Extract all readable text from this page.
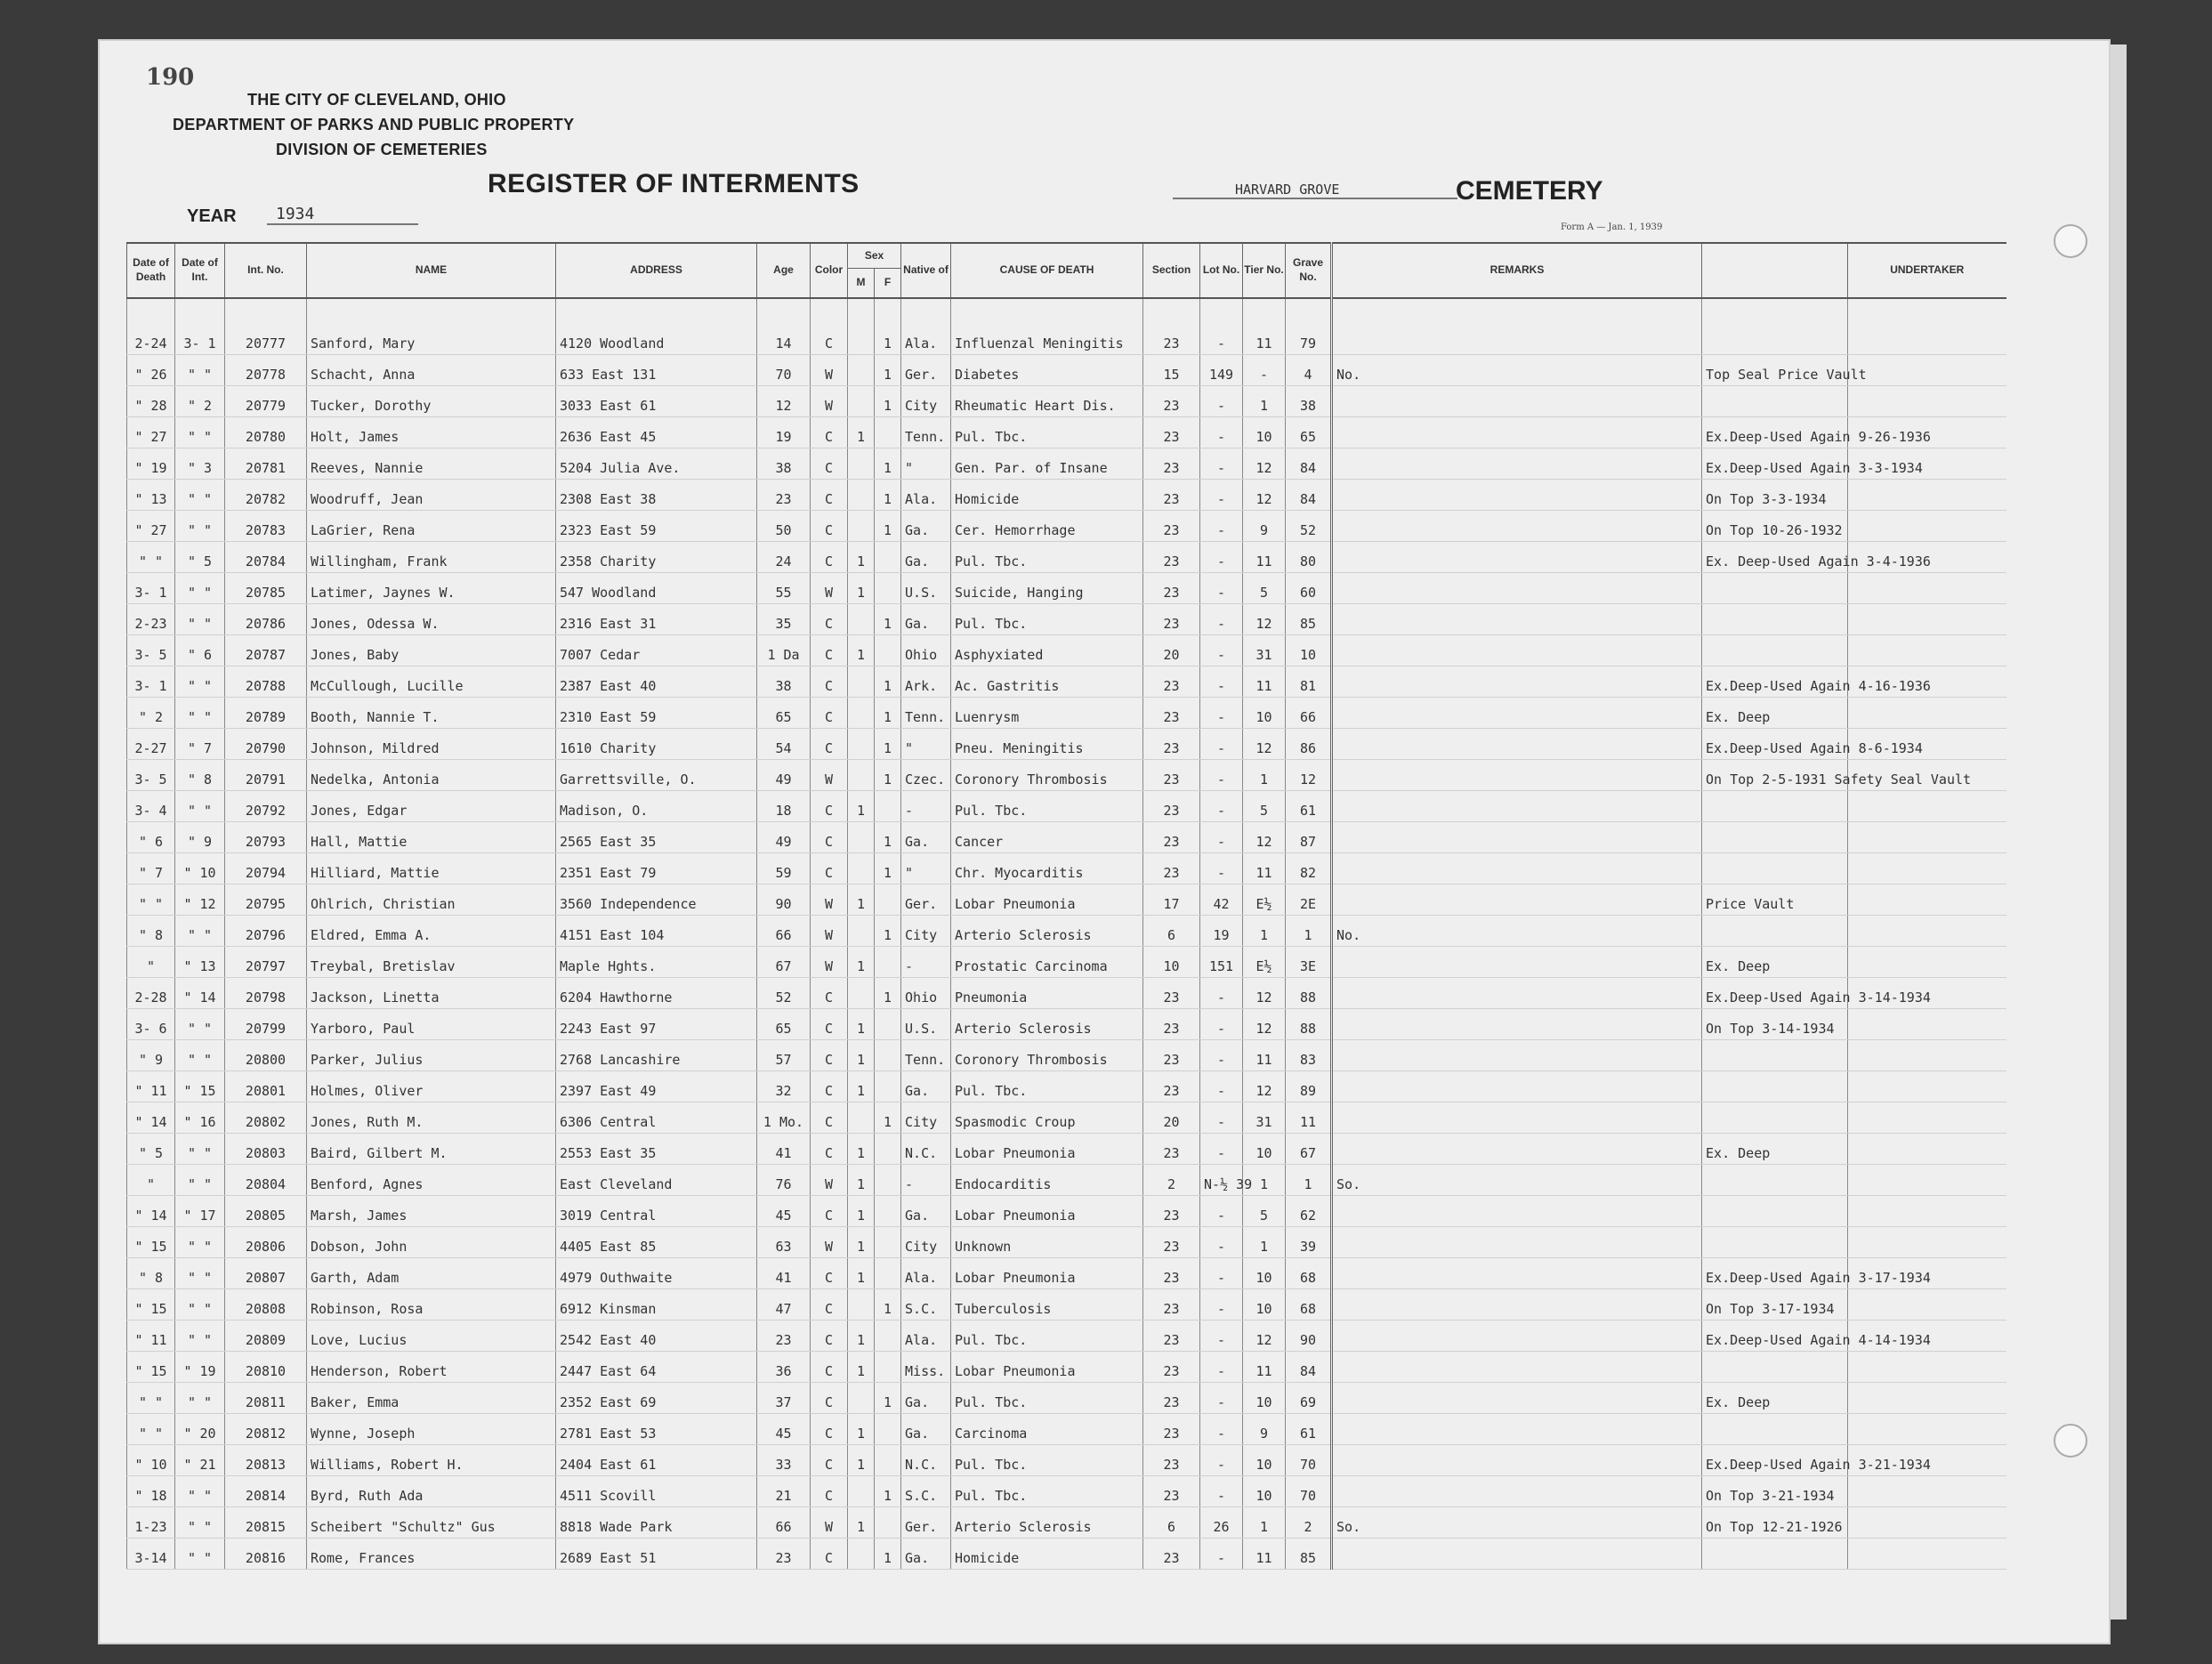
190
THE CITY OF CLEVELAND, OHIO
DEPARTMENT OF PARKS AND PUBLIC PROPERTY
DIVISION OF CEMETERIES
REGISTER OF INTERMENTS
YEAR	1934
HARVARD GROVE	CEMETERY
Form A — Jan. 1, 1939
Date of Death	Date of Int.	Int. No.	NAME	ADDRESS	Age	Color	Sex		Native of	CAUSE OF DEATH	Section	Lot No.	Tier No.	Grave No.	REMARKS		UNDERTAKER
							M	F									

2-24	3- 1	20777	Sanford, Mary	4120 Woodland	14	C		1	Ala.	Influenzal Meningitis	23	-	11	79			
" 26	" "	20778	Schacht, Anna	633 East 131	70	W		1	Ger.	Diabetes	15	149	-	4	No.	Top Seal Price Vault	
" 28	" 2	20779	Tucker, Dorothy	3033 East 61	12	W		1	City	Rheumatic Heart Dis.	23	-	1	38			
" 27	" "	20780	Holt, James	2636 East 45	19	C	1		Tenn.	Pul. Tbc.	23	-	10	65		Ex.Deep-Used Again 9-26-1936	
" 19	" 3	20781	Reeves, Nannie	5204 Julia Ave.	38	C		1	"	Gen. Par. of Insane	23	-	12	84		Ex.Deep-Used Again 3-3-1934	
" 13	" "	20782	Woodruff, Jean	2308 East 38	23	C		1	Ala.	Homicide	23	-	12	84		On Top 3-3-1934	
" 27	" "	20783	LaGrier, Rena	2323 East 59	50	C		1	Ga.	Cer. Hemorrhage	23	-	9	52		On Top 10-26-1932	
" "	" 5	20784	Willingham, Frank	2358 Charity	24	C	1		Ga.	Pul. Tbc.	23	-	11	80		Ex. Deep-Used Again 3-4-1936	
3- 1	" "	20785	Latimer, Jaynes W.	547 Woodland	55	W	1		U.S.	Suicide, Hanging	23	-	5	60			
2-23	" "	20786	Jones, Odessa W.	2316 East 31	35	C		1	Ga.	Pul. Tbc.	23	-	12	85			
3- 5	" 6	20787	Jones, Baby	7007 Cedar	1 Da	C	1		Ohio	Asphyxiated	20	-	31	10			
3- 1	" "	20788	McCullough, Lucille	2387 East 40	38	C		1	Ark.	Ac. Gastritis	23	-	11	81		Ex.Deep-Used Again 4-16-1936	
" 2	" "	20789	Booth, Nannie T.	2310 East 59	65	C		1	Tenn.	Luenrysm	23	-	10	66		Ex. Deep	
2-27	" 7	20790	Johnson, Mildred	1610 Charity	54	C		1	"	Pneu. Meningitis	23	-	12	86		Ex.Deep-Used Again 8-6-1934	
3- 5	" 8	20791	Nedelka, Antonia	Garrettsville, O.	49	W		1	Czec.	Coronory Thrombosis	23	-	1	12		On Top 2-5-1931 Safety Seal Vault	
3- 4	" "	20792	Jones, Edgar	Madison, O.	18	C	1		-	Pul. Tbc.	23	-	5	61			
" 6	" 9	20793	Hall, Mattie	2565 East 35	49	C		1	Ga.	Cancer	23	-	12	87			
" 7	" 10	20794	Hilliard, Mattie	2351 East 79	59	C		1	"	Chr. Myocarditis	23	-	11	82			
" "	" 12	20795	Ohlrich, Christian	3560 Independence	90	W	1		Ger.	Lobar Pneumonia	17	42	E½	2E		Price Vault	
" 8	" "	20796	Eldred, Emma A.	4151 East 104	66	W		1	City	Arterio Sclerosis	6	19	1	1	No.		
"	" 13	20797	Treybal, Bretislav	Maple Hghts.	67	W	1		-	Prostatic Carcinoma	10	151	E½	3E		Ex. Deep	
2-28	" 14	20798	Jackson, Linetta	6204 Hawthorne	52	C		1	Ohio	Pneumonia	23	-	12	88		Ex.Deep-Used Again 3-14-1934	
3- 6	" "	20799	Yarboro, Paul	2243 East 97	65	C	1		U.S.	Arterio Sclerosis	23	-	12	88		On Top 3-14-1934	
" 9	" "	20800	Parker, Julius	2768 Lancashire	57	C	1		Tenn.	Coronory Thrombosis	23	-	11	83			
" 11	" 15	20801	Holmes, Oliver	2397 East 49	32	C	1		Ga.	Pul. Tbc.	23	-	12	89			
" 14	" 16	20802	Jones, Ruth M.	6306 Central	1 Mo.	C		1	City	Spasmodic Croup	20	-	31	11			
" 5	" "	20803	Baird, Gilbert M.	2553 East 35	41	C	1		N.C.	Lobar Pneumonia	23	-	10	67		Ex. Deep	
"	" "	20804	Benford, Agnes	East Cleveland	76	W	1		-	Endocarditis	2	N-½ 39	1	1	So.		
" 14	" 17	20805	Marsh, James	3019 Central	45	C	1		Ga.	Lobar Pneumonia	23	-	5	62			
" 15	" "	20806	Dobson, John	4405 East 85	63	W	1		City	Unknown	23	-	1	39			
" 8	" "	20807	Garth, Adam	4979 Outhwaite	41	C	1		Ala.	Lobar Pneumonia	23	-	10	68		Ex.Deep-Used Again 3-17-1934	
" 15	" "	20808	Robinson, Rosa	6912 Kinsman	47	C		1	S.C.	Tuberculosis	23	-	10	68		On Top 3-17-1934	
" 11	" "	20809	Love, Lucius	2542 East 40	23	C	1		Ala.	Pul. Tbc.	23	-	12	90		Ex.Deep-Used Again 4-14-1934	
" 15	" 19	20810	Henderson, Robert	2447 East 64	36	C	1		Miss.	Lobar Pneumonia	23	-	11	84			
" "	" "	20811	Baker, Emma	2352 East 69	37	C		1	Ga.	Pul. Tbc.	23	-	10	69		Ex. Deep	
" "	" 20	20812	Wynne, Joseph	2781 East 53	45	C	1		Ga.	Carcinoma	23	-	9	61			
" 10	" 21	20813	Williams, Robert H.	2404 East 61	33	C	1		N.C.	Pul. Tbc.	23	-	10	70		Ex.Deep-Used Again 3-21-1934	
" 18	" "	20814	Byrd, Ruth Ada	4511 Scovill	21	C		1	S.C.	Pul. Tbc.	23	-	10	70		On Top 3-21-1934	
1-23	" "	20815	Scheibert "Schultz" Gus	8818 Wade Park	66	W	1		Ger.	Arterio Sclerosis	6	26	1	2	So.	On Top 12-21-1926	
3-14	" "	20816	Rome, Frances	2689 East 51	23	C		1	Ga.	Homicide	23	-	11	85			
